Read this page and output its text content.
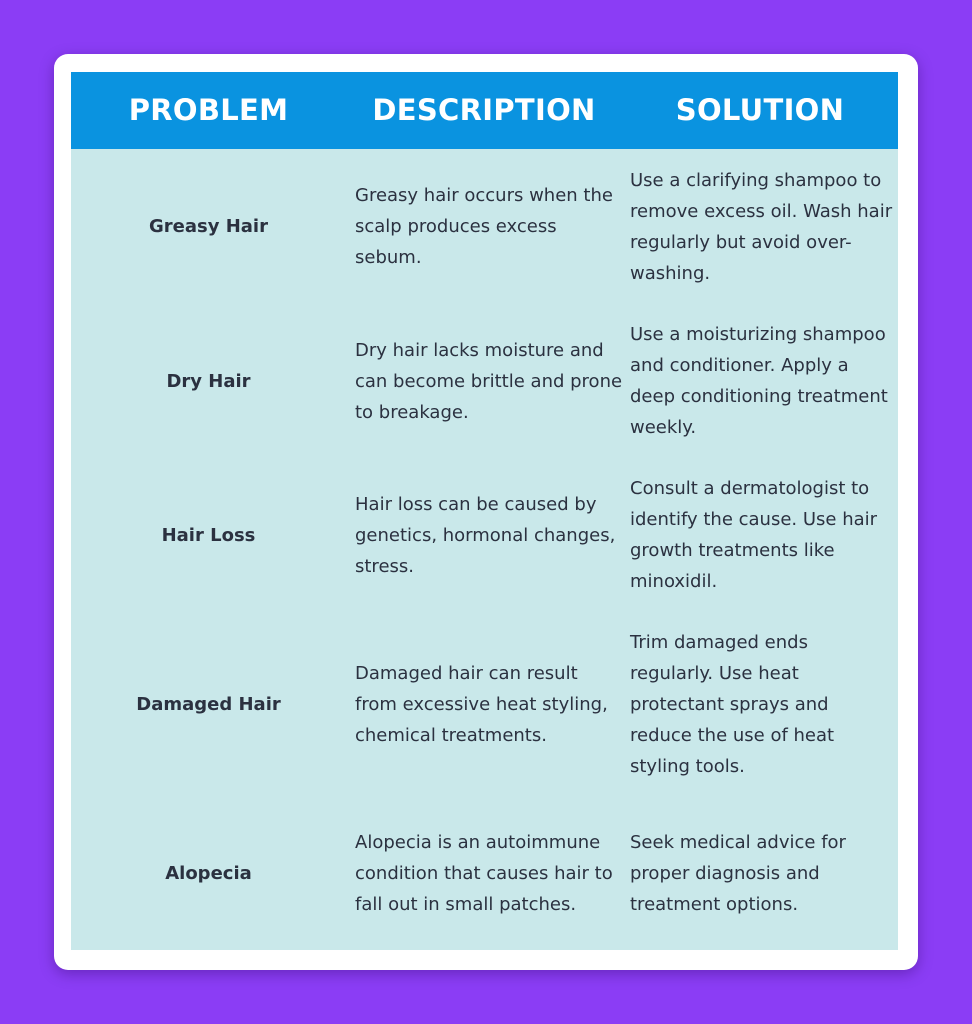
PROBLEM	DESCRIPTION	SOLUTION
Greasy Hair
Greasy hair occurs when the scalp produces excess sebum.
Use a clarifying shampoo to remove excess oil. Wash hair regularly but avoid over-washing.
Dry Hair
Dry hair lacks moisture and can become brittle and prone to breakage.
Use a moisturizing shampoo and conditioner. Apply a deep conditioning treatment weekly.
Hair Loss
Hair loss can be caused by genetics, hormonal changes, stress.
Consult a dermatologist to identify the cause. Use hair growth treatments like minoxidil.
Damaged Hair
Damaged hair can result from excessive heat styling, chemical treatments.
Trim damaged ends regularly. Use heat protectant sprays and reduce the use of heat styling tools.
Alopecia
Alopecia is an autoimmune condition that causes hair to fall out in small patches.
Seek medical advice for proper diagnosis and treatment options.
